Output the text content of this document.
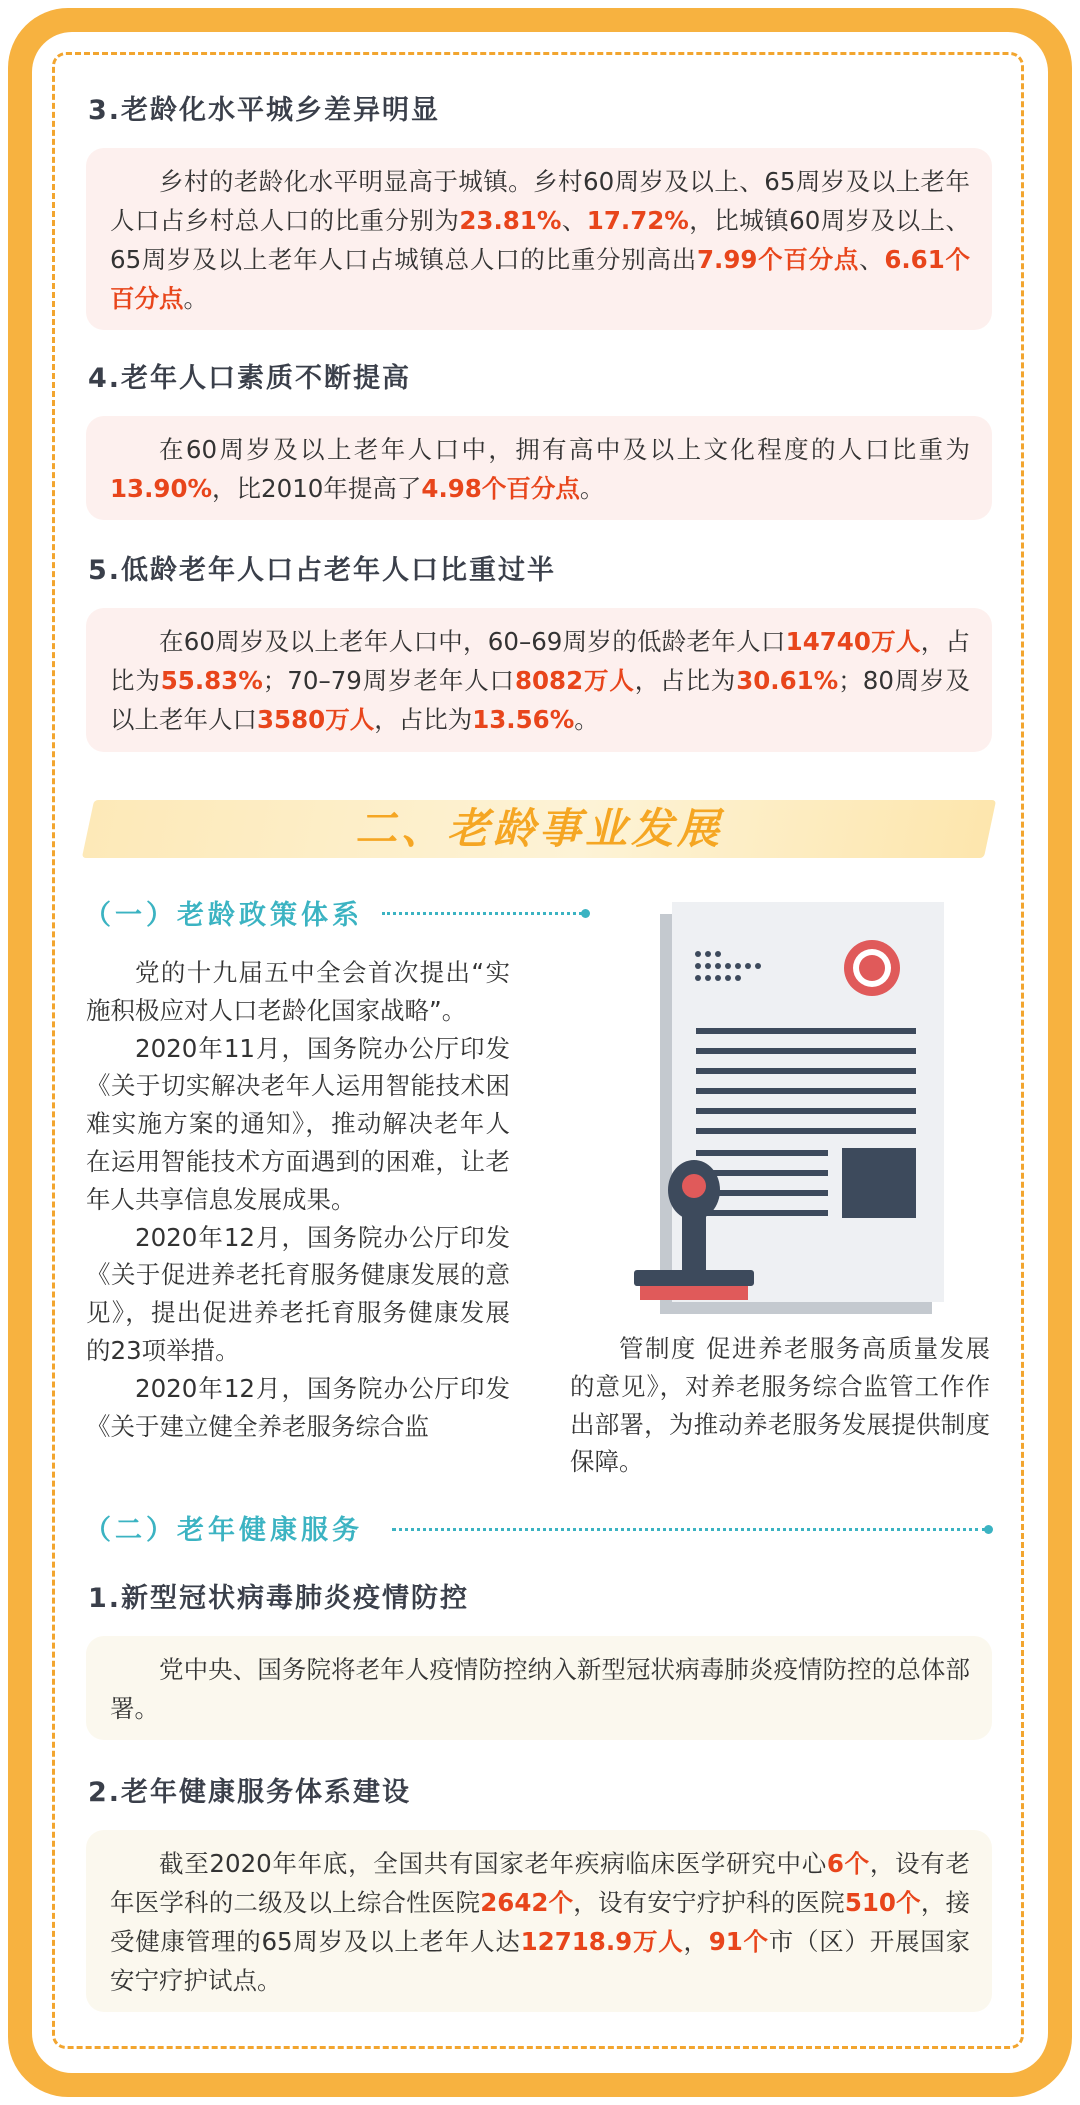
3.老龄化水平城乡差异明显
乡村的老龄化水平明显高于城镇。乡村60周岁及以上、65周岁及以上老年人口占乡村总人口的比重分别为23.81%、17.72%，比城镇60周岁及以上、65周岁及以上老年人口占城镇总人口的比重分别高出7.99个百分点、6.61个百分点。
4.老年人口素质不断提高
在60周岁及以上老年人口中，拥有高中及以上文化程度的人口比重为13.90%，比2010年提高了4.98个百分点。
5.低龄老年人口占老年人口比重过半
在60周岁及以上老年人口中，60–69周岁的低龄老年人口14740万人，占比为55.83%；70–79周岁老年人口8082万人，占比为30.61%；80周岁及以上老年人口3580万人，占比为13.56%。
二、老龄事业发展
（一）老龄政策体系

党的十九届五中全会首次提出“实施积极应对人口老龄化国家战略”。

2020年11月，国务院办公厅印发《关于切实解决老年人运用智能技术困难实施方案的通知》，推动解决老年人在运用智能技术方面遇到的困难，让老年人共享信息发展成果。

2020年12月，国务院办公厅印发《关于促进养老托育服务健康发展的意见》，提出促进养老托育服务健康发展的23项举措。

2020年12月，国务院办公厅印发《关于建立健全养老服务综合监

管制度 促进养老服务高质量发展的意见》，对养老服务综合监管工作作出部署，为推动养老服务发展提供制度保障。

（二）老年健康服务
1.新型冠状病毒肺炎疫情防控
党中央、国务院将老年人疫情防控纳入新型冠状病毒肺炎疫情防控的总体部署。
2.老年健康服务体系建设
截至2020年年底，全国共有国家老年疾病临床医学研究中心6个，设有老年医学科的二级及以上综合性医院2642个，设有安宁疗护科的医院510个，接受健康管理的65周岁及以上老年人达12718.9万人，91个市（区）开展国家安宁疗护试点。
